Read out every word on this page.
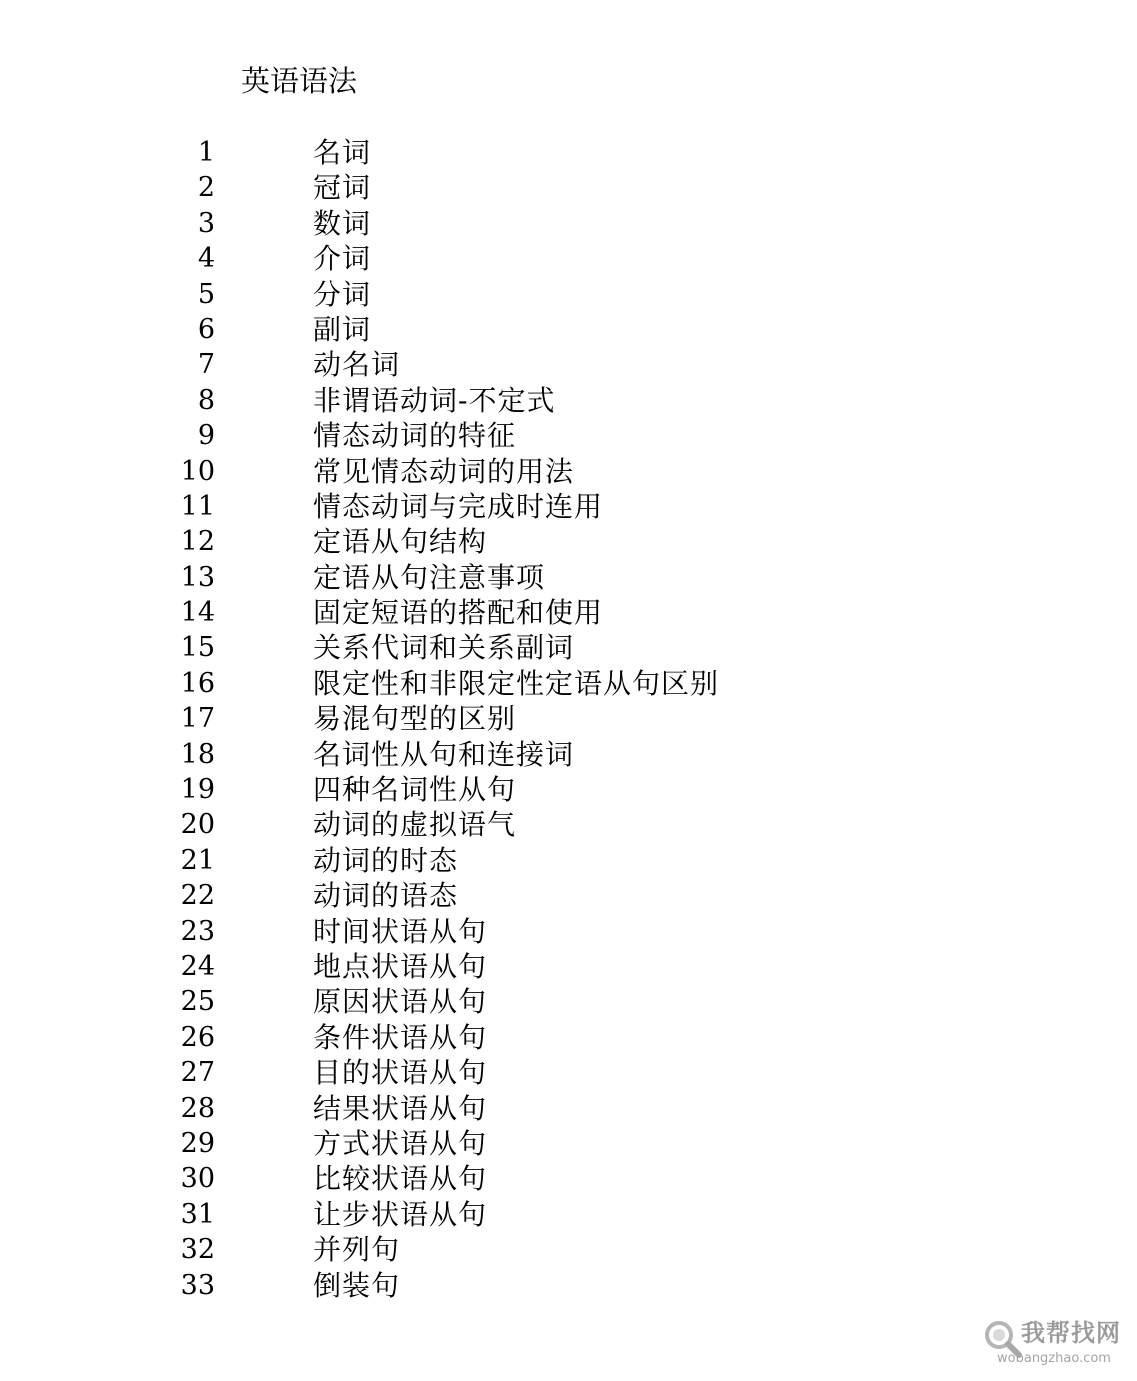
英语语法
1	名词
2	冠词
3	数词
4	介词
5	分词
6	副词
7	动名词
8	非谓语动词-不定式
9	情态动词的特征
10	常见情态动词的用法
11	情态动词与完成时连用
12	定语从句结构
13	定语从句注意事项
14	固定短语的搭配和使用
15	关系代词和关系副词
16	限定性和非限定性定语从句区别
17	易混句型的区别
18	名词性从句和连接词
19	四种名词性从句
20	动词的虚拟语气
21	动词的时态
22	动词的语态
23	时间状语从句
24	地点状语从句
25	原因状语从句
26	条件状语从句
27	目的状语从句
28	结果状语从句
29	方式状语从句
30	比较状语从句
31	让步状语从句
32	并列句
33	倒装句
我帮找网
wobangzhao.com
